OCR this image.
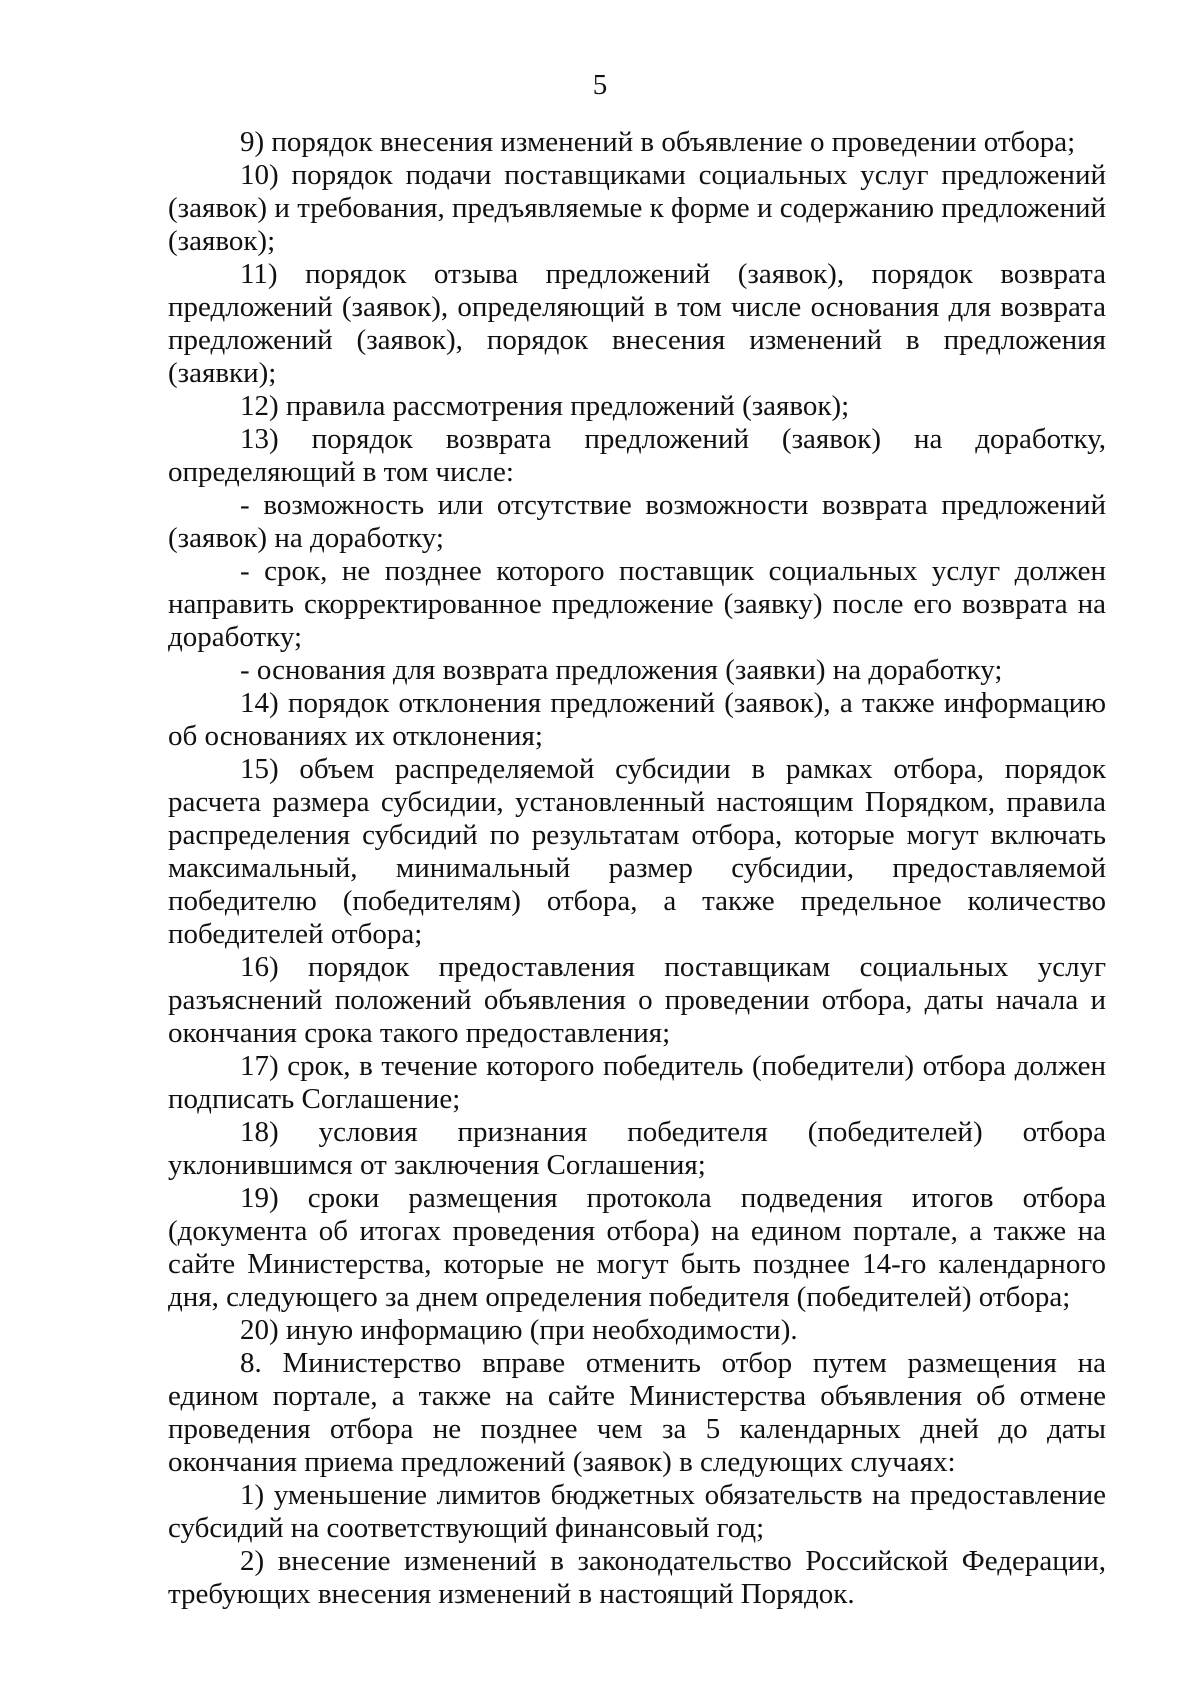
5

9) порядок внесения изменений в объявление о проведении отбора;

10) порядок подачи поставщиками социальных услуг предложений (заявок) и требования, предъявляемые к форме и содержанию предложений (заявок);

11) порядок отзыва предложений (заявок), порядок возврата предложений (заявок), определяющий в том числе основания для возврата предложений (заявок), порядок внесения изменений в предложения (заявки);

12) правила рассмотрения предложений (заявок);

13) порядок возврата предложений (заявок) на доработку, определяющий в том числе:

- возможность или отсутствие возможности возврата предложений (заявок) на доработку;

- срок, не позднее которого поставщик социальных услуг должен направить скорректированное предложение (заявку) после его возврата на доработку;

- основания для возврата предложения (заявки) на доработку;

14) порядок отклонения предложений (заявок), а также информацию об основаниях их отклонения;

15) объем распределяемой субсидии в рамках отбора, порядок расчета размера субсидии, установленный настоящим Порядком, правила распределения субсидий по результатам отбора, которые могут включать максимальный, минимальный размер субсидии, предоставляемой победителю (победителям) отбора, а также предельное количество победителей отбора;

16) порядок предоставления поставщикам социальных услуг разъяснений положений объявления о проведении отбора, даты начала и окончания срока такого предоставления;

17) срок, в течение которого победитель (победители) отбора должен подписать Соглашение;

18) условия признания победителя (победителей) отбора уклонившимся от заключения Соглашения;

19) сроки размещения протокола подведения итогов отбора (документа об итогах проведения отбора) на едином портале, а также на сайте Министерства, которые не могут быть позднее 14-го календарного дня, следующего за днем определения победителя (победителей) отбора;

20) иную информацию (при необходимости).

8. Министерство вправе отменить отбор путем размещения на едином портале, а также на сайте Министерства объявления об отмене проведения отбора не позднее чем за 5 календарных дней до даты окончания приема предложений (заявок) в следующих случаях:

1) уменьшение лимитов бюджетных обязательств на предоставление субсидий на соответствующий финансовый год;

2) внесение изменений в законодательство Российской Федерации, требующих внесения изменений в настоящий Порядок.
